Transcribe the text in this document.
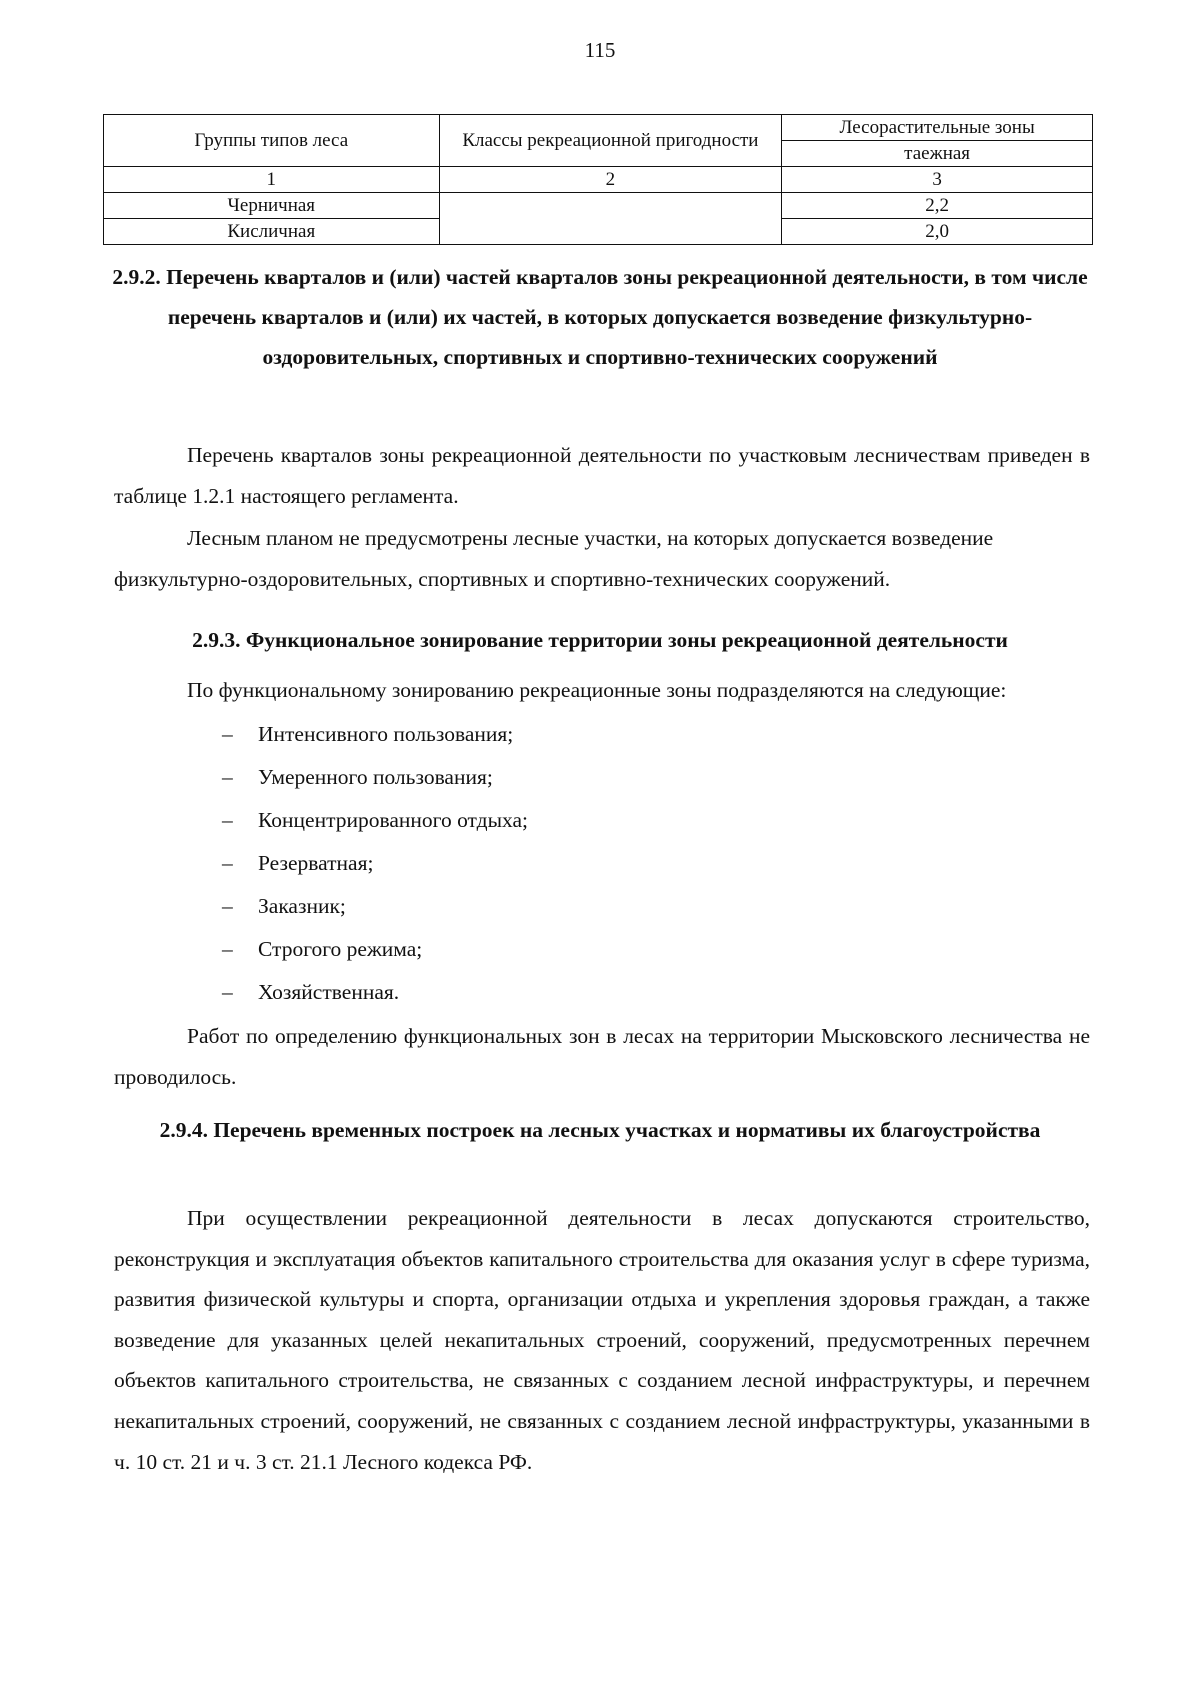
115
Группы типов леса	Классы рекреационной пригодности	Лесорастительные зоны
		таежная
1	2	3
Черничная		2,2
Кисличная		2,0
2.9.2. Перечень кварталов и (или) частей кварталов зоны рекреационной деятельности, в том числе перечень кварталов и (или) их частей, в которых допускается возведение физкультурно-оздоровительных, спортивных и спортивно-технических сооружений

Перечень кварталов зоны рекреационной деятельности по участковым лесничествам приведен в таблице 1.2.1 настоящего регламента.

Лесным планом не предусмотрены лесные участки, на которых допускается возведение физкультурно-оздоровительных, спортивных и спортивно-технических сооружений.

2.9.3. Функциональное зонирование территории зоны рекреационной деятельности

По функциональному зонированию рекреационные зоны подразделяются на следующие:

– Интенсивного пользования;
– Умеренного пользования;
– Концентрированного отдыха;
– Резерватная;
– Заказник;
– Строгого режима;
– Хозяйственная.

Работ по определению функциональных зон в лесах на территории Мысковского лесничества не проводилось.

2.9.4. Перечень временных построек на лесных участках и нормативы их благоустройства

При осуществлении рекреационной деятельности в лесах допускаются строительство, реконструкция и эксплуатация объектов капитального строительства для оказания услуг в сфере туризма, развития физической культуры и спорта, организации отдыха и укрепления здоровья граждан, а также возведение для указанных целей некапитальных строений, сооружений, предусмотренных перечнем объектов капитального строительства, не связанных с созданием лесной инфраструктуры, и перечнем некапитальных строений, сооружений, не связанных с созданием лесной инфраструктуры, указанными в ч. 10 ст. 21 и ч. 3 ст. 21.1 Лесного кодекса РФ.
